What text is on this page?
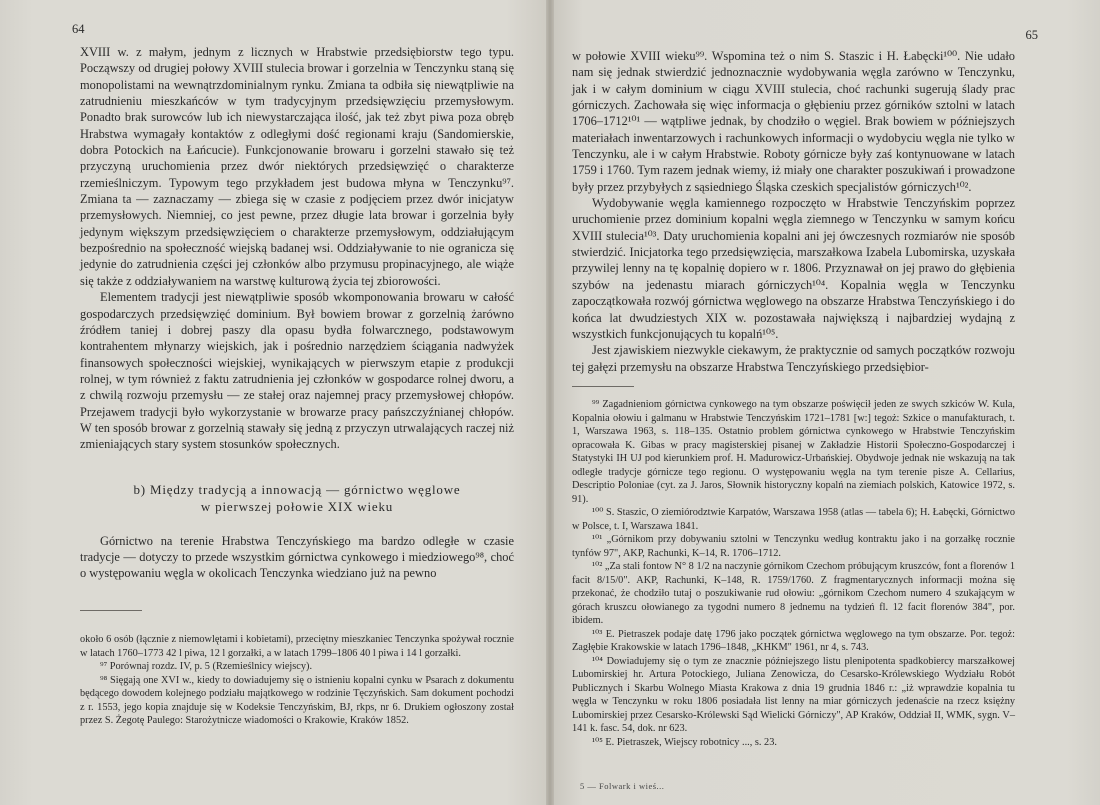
64

XVIII w. z małym, jednym z licznych w Hrabstwie przedsiębiorstw tego typu. Począwszy od drugiej połowy XVIII stulecia browar i gorzelnia w Tenczynku staną się monopolistami na wewnątrzdominialnym rynku. Zmiana ta odbiła się niewątpliwie na zatrudnieniu mieszkańców w tym tradycyjnym przedsięwzięciu przemysłowym. Ponadto brak surowców lub ich niewystarczająca ilość, jak też zbyt piwa poza obręb Hrabstwa wymagały kontaktów z odległymi dość regionami kraju (Sandomierskie, dobra Potockich na Łańcucie). Funkcjonowanie browaru i gorzelni stawało się też przyczyną uruchomienia przez dwór niektórych przedsięwzięć o charakterze rzemieślniczym. Typowym tego przykładem jest budowa młyna w Tenczynku⁹⁷. Zmiana ta — zaznaczamy — zbiega się w czasie z podjęciem przez dwór inicjatyw przemysłowych. Niemniej, co jest pewne, przez długie lata browar i gorzelnia były jedynym większym przedsięwzięciem o charakterze przemysłowym, oddziałującym bezpośrednio na społeczność wiejską badanej wsi. Oddziaływanie to nie ogranicza się jedynie do zatrudnienia części jej członków albo przymusu propinacyjnego, ale wiąże się także z oddziaływaniem na warstwę kulturową życia tej zbiorowości.

Elementem tradycji jest niewątpliwie sposób wkomponowania browaru w całość gospodarczych przedsięwzięć dominium. Był bowiem browar z gorzelnią żarówno źródłem taniej i dobrej paszy dla opasu bydła folwarcznego, podstawowym kontrahentem młynarzy wiejskich, jak i pośrednio narzędziem ściągania nadwyżek finansowych społeczności wiejskiej, wynikających w pierwszym etapie z produkcji rolnej, w tym również z faktu zatrudnienia jej członków w gospodarce rolnej dworu, a z chwilą rozwoju przemysłu — ze stałej oraz najemnej pracy przemysłowej chłopów. Przejawem tradycji było wykorzystanie w browarze pracy pańszczyźnianej chłopów. W ten sposób browar z gorzelnią stawały się jedną z przyczyn utrwalających raczej niż zmieniających stary system stosunków społecznych.

b) Między tradycją a innowacją — górnictwo węglowe
w pierwszej połowie XIX wieku

Górnictwo na terenie Hrabstwa Tenczyńskiego ma bardzo odległe w czasie tradycje — dotyczy to przede wszystkim górnictwa cynkowego i miedziowego⁹⁸, choć o występowaniu węgla w okolicach Tenczynka wiedziano już na pewno

około 6 osób (łącznie z niemowlętami i kobietami), przeciętny mieszkaniec Tenczynka spożywał rocznie w latach 1760–1773 42 l piwa, 12 l gorzałki, a w latach 1799–1806 40 l piwa i 14 l gorzałki.

⁹⁷ Porównaj rozdz. IV, p. 5 (Rzemieślnicy wiejscy).

⁹⁸ Sięgają one XVI w., kiedy to dowiadujemy się o istnieniu kopalni cynku w Psarach z dokumentu będącego dowodem kolejnego podziału majątkowego w rodzinie Tęczyńskich. Sam dokument pochodzi z r. 1553, jego kopia znajduje się w Kodeksie Tenczyńskim, BJ, rkps, nr 6. Drukiem ogłoszony został przez S. Żegotę Paulego: Starożytnicze wiadomości o Krakowie, Kraków 1852.

65

w połowie XVIII wieku⁹⁹. Wspomina też o nim S. Staszic i H. Łabęcki¹⁰⁰. Nie udało nam się jednak stwierdzić jednoznacznie wydobywania węgla zarówno w Tenczynku, jak i w całym dominium w ciągu XVIII stulecia, choć rachunki sugerują ślady prac górniczych. Zachowała się więc informacja o głębieniu przez górników sztolni w latach 1706–1712¹⁰¹ — wątpliwe jednak, by chodziło o węgiel. Brak bowiem w późniejszych materiałach inwentarzowych i rachunkowych informacji o wydobyciu węgla nie tylko w Tenczynku, ale i w całym Hrabstwie. Roboty górnicze były zaś kontynuowane w latach 1759 i 1760. Tym razem jednak wiemy, iż miały one charakter poszukiwań i prowadzone były przez przybyłych z sąsiedniego Śląska czeskich specjalistów górniczych¹⁰².

Wydobywanie węgla kamiennego rozpoczęto w Hrabstwie Tenczyńskim poprzez uruchomienie przez dominium kopalni węgla ziemnego w Tenczynku w samym końcu XVIII stulecia¹⁰³. Daty uruchomienia kopalni ani jej ówczesnych rozmiarów nie sposób stwierdzić. Inicjatorka tego przedsięwzięcia, marszałkowa Izabela Lubomirska, uzyskała przywilej lenny na tę kopalnię dopiero w r. 1806. Przyznawał on jej prawo do głębienia szybów na jedenastu miarach górniczych¹⁰⁴. Kopalnia węgla w Tenczynku zapoczątkowała rozwój górnictwa węglowego na obszarze Hrabstwa Tenczyńskiego i do końca lat dwudziestych XIX w. pozostawała największą i najbardziej wydajną z wszystkich funkcjonujących tu kopalń¹⁰⁵.

Jest zjawiskiem niezwykle ciekawym, że praktycznie od samych początków rozwoju tej gałęzi przemysłu na obszarze Hrabstwa Tenczyńskiego przedsiębior-

⁹⁹ Zagadnieniom górnictwa cynkowego na tym obszarze poświęcił jeden ze swych szkiców W. Kula, Kopalnia ołowiu i galmanu w Hrabstwie Tenczyńskim 1721–1781 [w:] tegoż: Szkice o manufakturach, t. 1, Warszawa 1963, s. 118–135. Ostatnio problem górnictwa cynkowego w Hrabstwie Tenczyńskim opracowała K. Gibas w pracy magisterskiej pisanej w Zakładzie Historii Społeczno-Gospodarczej i Statystyki IH UJ pod kierunkiem prof. H. Madurowicz-Urbańskiej. Obydwoje jednak nie wskazują na tak odległe tradycje górnicze tego regionu. O występowaniu węgla na tym terenie pisze A. Cellarius, Descriptio Poloniae (cyt. za J. Jaros, Słownik historyczny kopalń na ziemiach polskich, Katowice 1972, s. 91).

¹⁰⁰ S. Staszic, O ziemiórodztwie Karpatów, Warszawa 1958 (atlas — tabela 6); H. Łabęcki, Górnictwo w Polsce, t. I, Warszawa 1841.

¹⁰¹ „Górnikom przy dobywaniu sztolni w Tenczynku według kontraktu jako i na gorzałkę rocznie tynfów 97", AKP, Rachunki, K–14, R. 1706–1712.

¹⁰² „Za stali fontow N° 8 1/2 na naczynie górnikom Czechom próbującym kruszców, font a florenów 1 facit 8/15/0". AKP, Rachunki, K–148, R. 1759/1760. Z fragmentarycznych informacji można się przekonać, że chodziło tutaj o poszukiwanie rud ołowiu: „górnikom Czechom numero 4 szukającym w górach kruszcu ołowianego za tygodni numero 8 jednemu na tydzień fl. 12 facit florenów 384", por. ibidem.

¹⁰³ E. Pietraszek podaje datę 1796 jako początek górnictwa węglowego na tym obszarze. Por. tegoż: Zagłębie Krakowskie w latach 1796–1848, „KHKM" 1961, nr 4, s. 743.

¹⁰⁴ Dowiadujemy się o tym ze znacznie późniejszego listu plenipotenta spadkobiercy marszałkowej Lubomirskiej hr. Artura Potockiego, Juliana Zenowicza, do Cesarsko-Królewskiego Wydziału Robót Publicznych i Skarbu Wolnego Miasta Krakowa z dnia 19 grudnia 1846 r.: „iż wprawdzie kopalnia tu węgla w Tenczynku w roku 1806 posiadała list lenny na miar górniczych jedenaście na rzecz księżny Lubomirskiej przez Cesarsko-Królewski Sąd Wielicki Górniczy", AP Kraków, Oddział II, WMK, sygn. V–141 k. fasc. 54, dok. nr 623.

¹⁰⁵ E. Pietraszek, Wiejscy robotnicy ..., s. 23.

5 — Folwark i wieś...
